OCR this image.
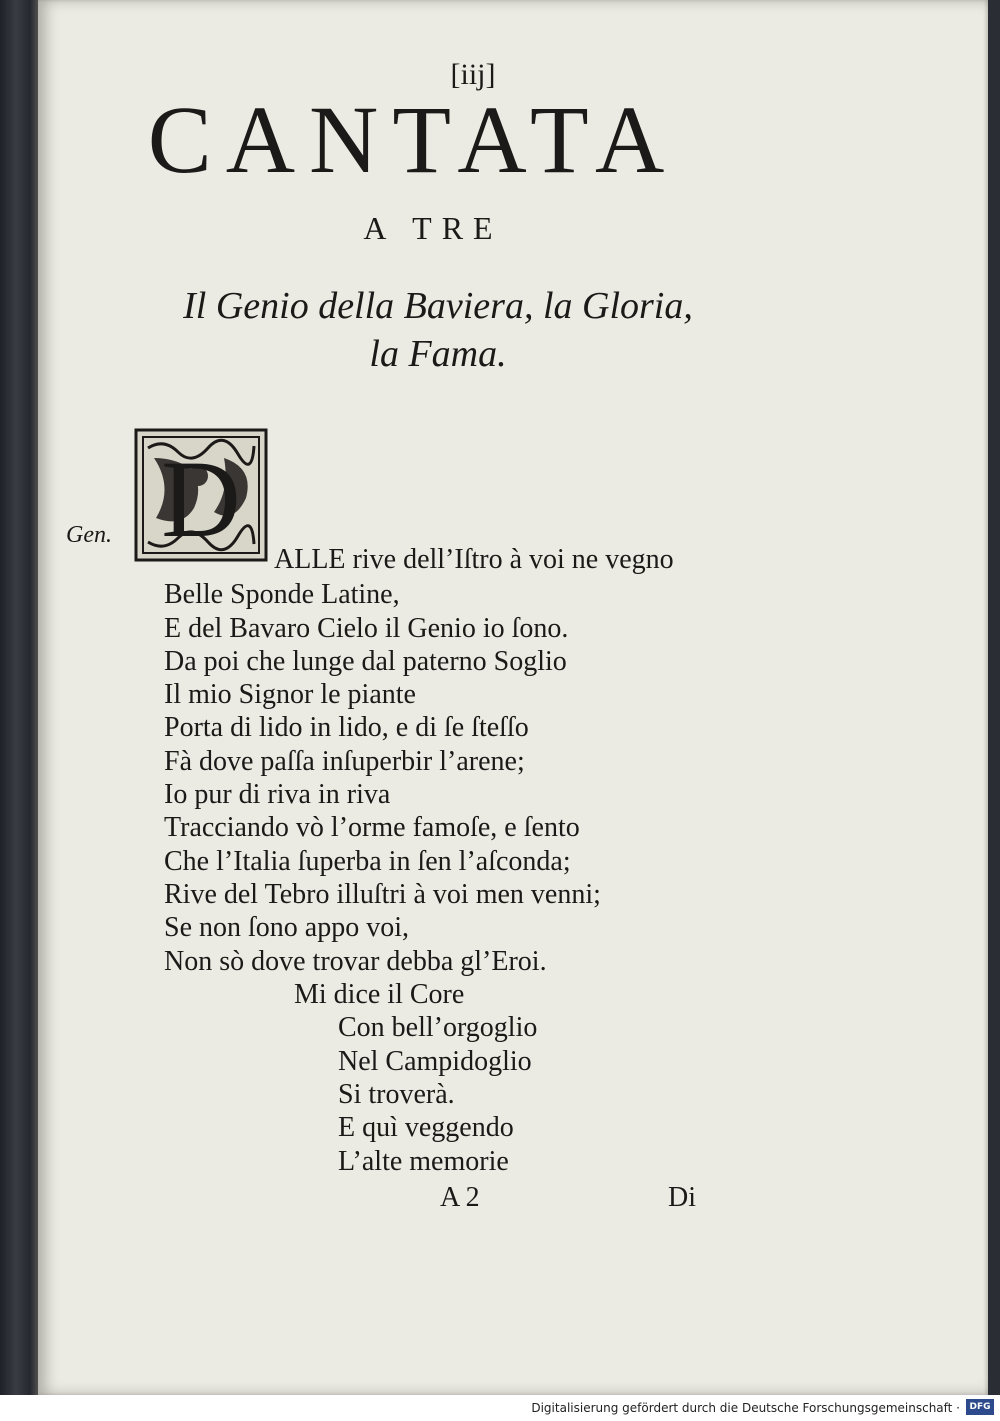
[iij]
CANTATA
A TRE
Il Genio della Baviera, la Gloria,
la Fama.
Gen. D ALLE rive dell’Iſtro à voi ne vegno
Belle Sponde Latine,
E del Bavaro Cielo il Genio io ſono.
Da poi che lunge dal paterno Soglio
Il mio Signor le piante
Porta di lido in lido, e di ſe ſteſſo
Fà dove paſſa inſuperbir l’arene;
Io pur di riva in riva
Tracciando vò l’orme famoſe, e ſento
Che l’Italia ſuperba in ſen l’aſconda;
Rive del Tebro illuſtri à voi men venni;
Se non ſono appo voi,
Non sò dove trovar debba gl’Eroi.
Mi dice il Core
Con bell’orgoglio
Nel Campidoglio
Si troverà.
E quì veggendo
L’alte memorie
A 2	Di
Digitalisierung gefördert durch die Deutsche Forschungsgemeinschaft ·	DFG
